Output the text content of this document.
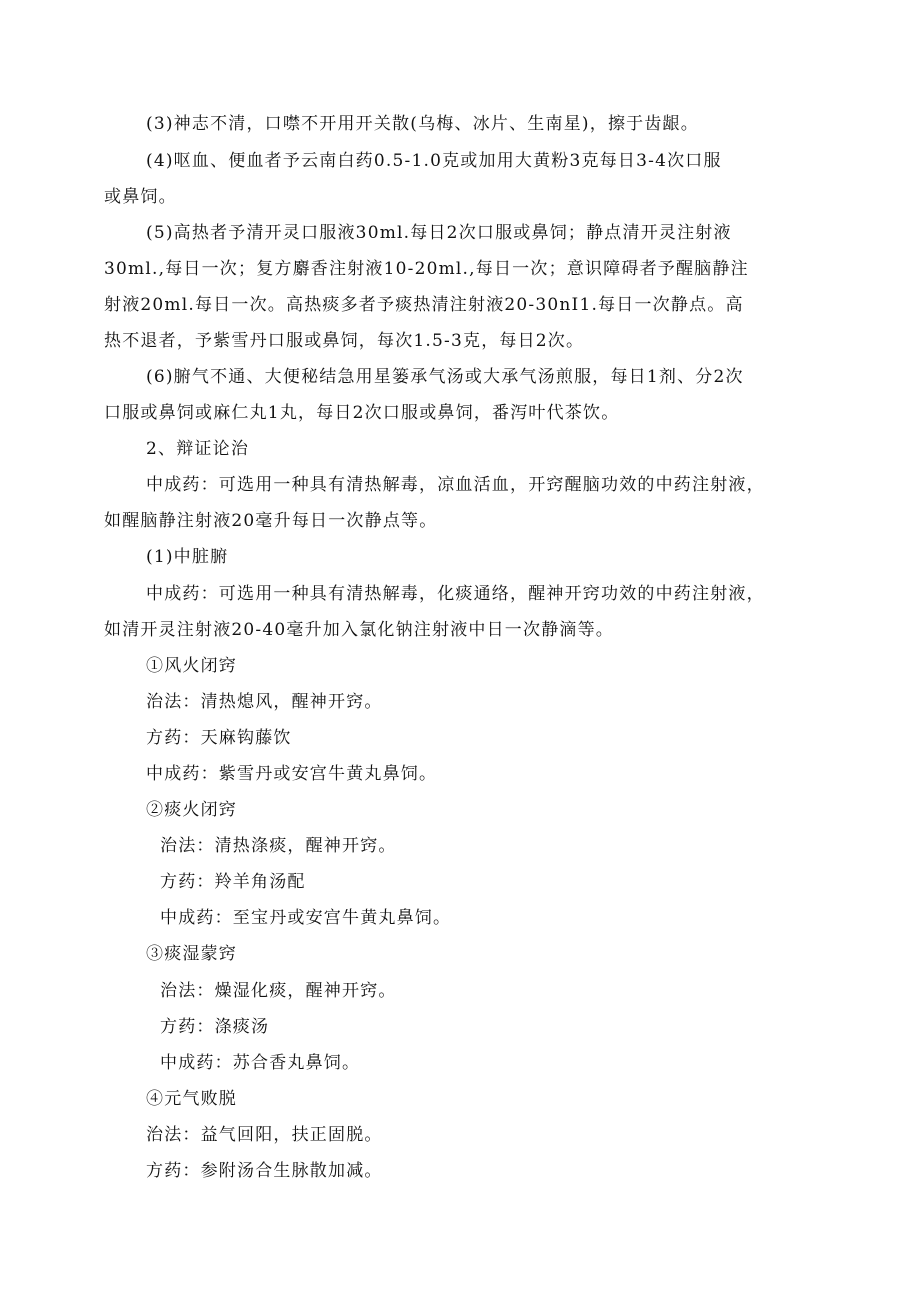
(3)神志不清，口噤不开用开关散(乌梅、冰片、生南星)，擦于齿龈。
(4)呕血、便血者予云南白药0.5-1.0克或加用大黄粉3克每日3-4次口服
或鼻饲。
(5)高热者予清开灵口服液30ml.每日2次口服或鼻饲；静点清开灵注射液
30ml.,每日一次；复方麝香注射液10-20ml.,每日一次；意识障碍者予醒脑静注
射液20ml.每日一次。高热痰多者予痰热清注射液20-30nI1.每日一次静点。高
热不退者，予紫雪丹口服或鼻饲，每次1.5-3克，每日2次。
(6)腑气不通、大便秘结急用星篓承气汤或大承气汤煎服，每日1剂、分2次
口服或鼻饲或麻仁丸1丸，每日2次口服或鼻饲，番泻叶代茶饮。
2、辩证论治
中成药：可选用一种具有清热解毒，凉血活血，开窍醒脑功效的中药注射液，
如醒脑静注射液20毫升每日一次静点等。
(1)中脏腑
中成药：可选用一种具有清热解毒，化痰通络，醒神开窍功效的中药注射液，
如清开灵注射液20-40毫升加入氯化钠注射液中日一次静滴等。
①风火闭窍
治法：清热熄风，醒神开窍。
方药：天麻钩藤饮
中成药：紫雪丹或安宫牛黄丸鼻饲。
②痰火闭窍
治法：清热涤痰，醒神开窍。
方药：羚羊角汤配
中成药：至宝丹或安宫牛黄丸鼻饲。
③痰湿蒙窍
治法：燥湿化痰，醒神开窍。
方药：涤痰汤
中成药：苏合香丸鼻饲。
④元气败脱
治法：益气回阳，扶正固脱。
方药：参附汤合生脉散加减。
